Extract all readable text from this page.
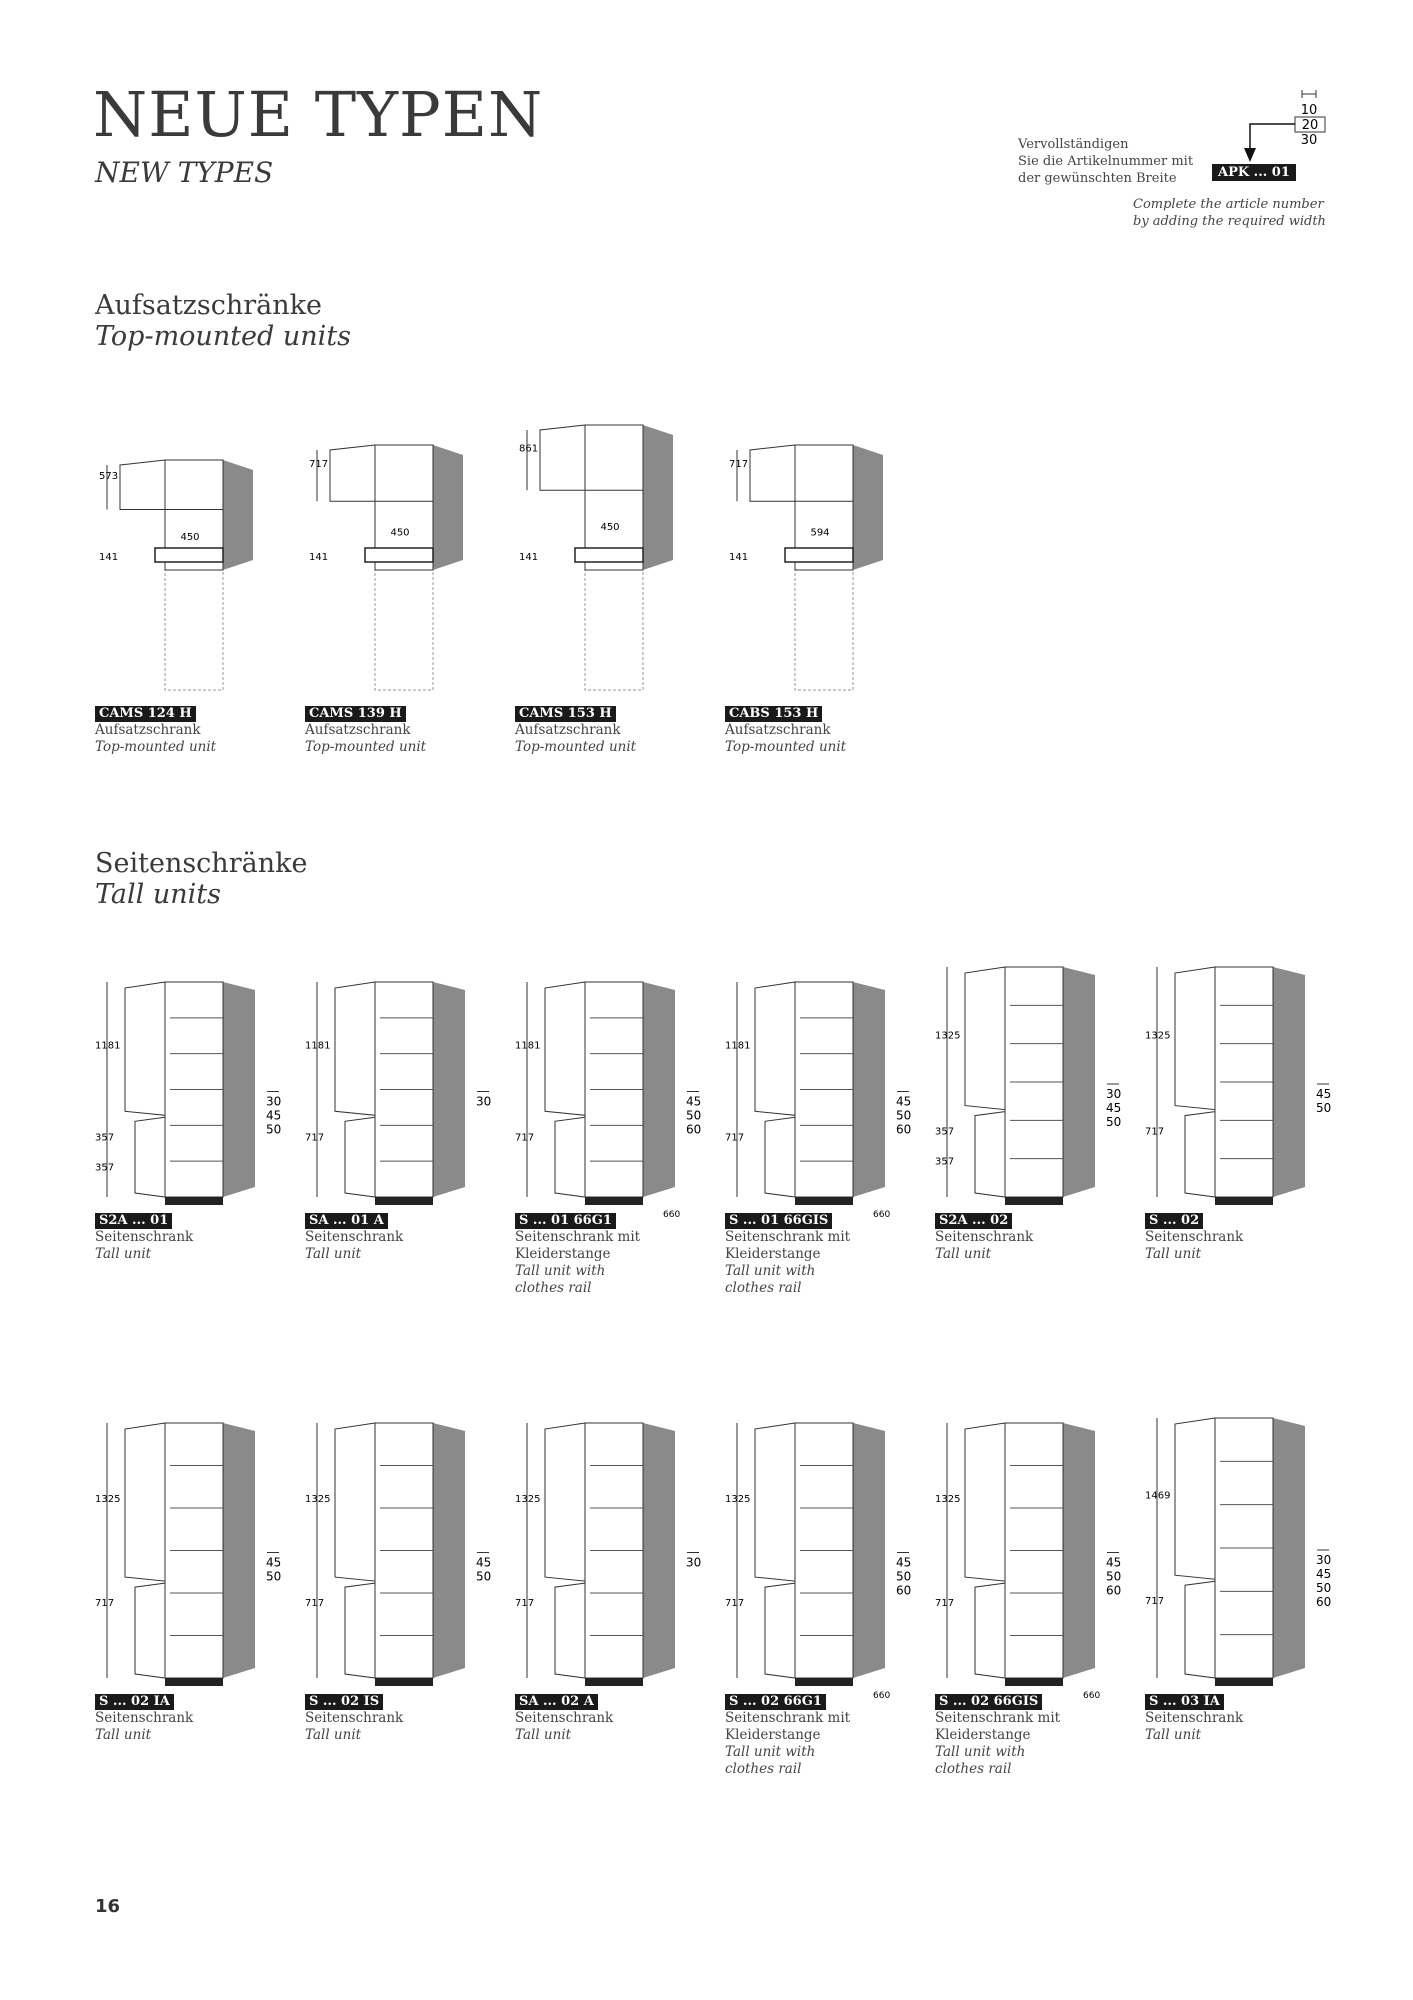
NEUE TYPEN
NEW TYPES
Vervollständigen
Sie die Artikelnummer mit
der gewünschten Breite
10
20
30
APK ... 01
Complete the article number
by adding the required width
Aufsatzschränke
Top-mounted units
Seitenschränke
Tall units
450
573
141
CAMS 124 H
Aufsatzschrank
Top-mounted unit
450
717
141
CAMS 139 H
Aufsatzschrank
Top-mounted unit
450
861
141
CAMS 153 H
Aufsatzschrank
Top-mounted unit
594
717
141
CABS 153 H
Aufsatzschrank
Top-mounted unit
1181
357
357
30
45
50
S2A ... 01
Seitenschrank
Tall unit
1181
717
30
SA ... 01 A
Seitenschrank
Tall unit
1181
717
660
45
50
60
S ... 01 66G1
Seitenschrank mit
Kleiderstange
Tall unit with
clothes rail
1181
717
660
45
50
60
S ... 01 66GIS
Seitenschrank mit
Kleiderstange
Tall unit with
clothes rail
1325
357
357
30
45
50
S2A ... 02
Seitenschrank
Tall unit
1325
717
45
50
S ... 02
Seitenschrank
Tall unit
1325
717
45
50
S ... 02 IA
Seitenschrank
Tall unit
1325
717
45
50
S ... 02 IS
Seitenschrank
Tall unit
1325
717
30
SA ... 02 A
Seitenschrank
Tall unit
1325
717
660
45
50
60
S ... 02 66G1
Seitenschrank mit
Kleiderstange
Tall unit with
clothes rail
1325
717
660
45
50
60
S ... 02 66GIS
Seitenschrank mit
Kleiderstange
Tall unit with
clothes rail
1469
717
30
45
50
60
S ... 03 IA
Seitenschrank
Tall unit
16
